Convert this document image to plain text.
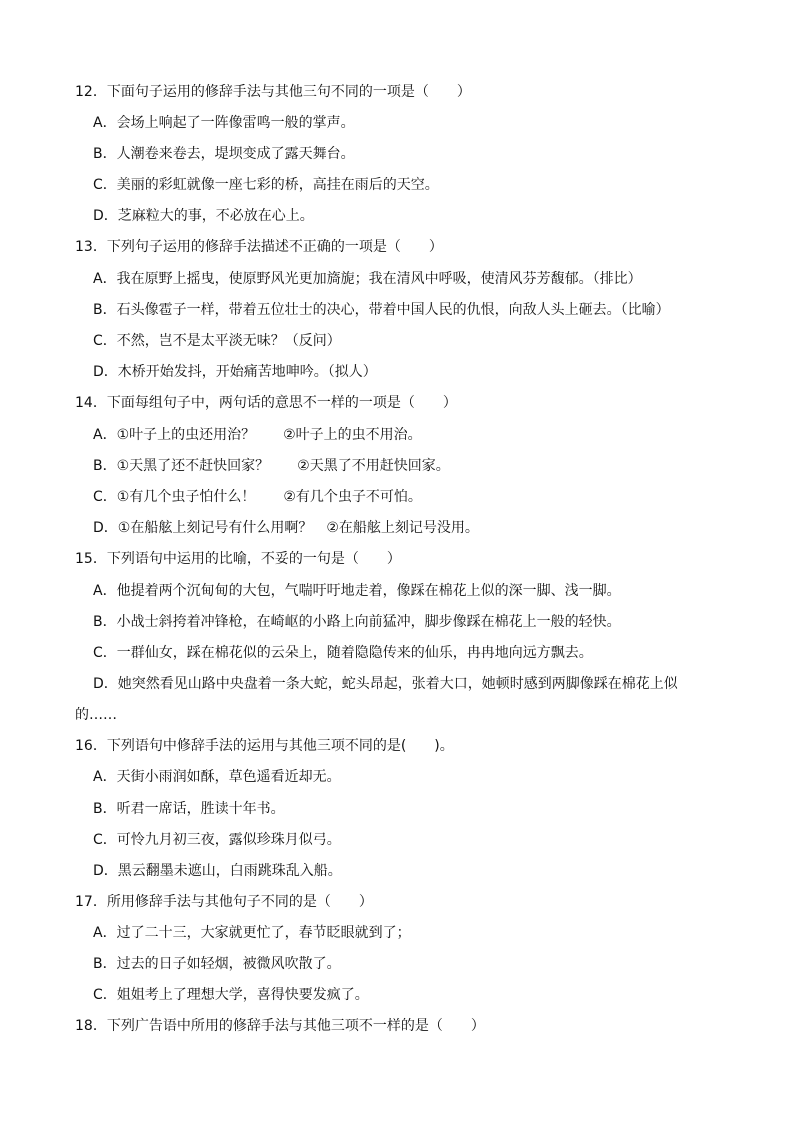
12．下面句子运用的修辞手法与其他三句不同的一项是（　　）
A．会场上响起了一阵像雷鸣一般的掌声。
B．人潮卷来卷去，堤坝变成了露天舞台。
C．美丽的彩虹就像一座七彩的桥，高挂在雨后的天空。
D．芝麻粒大的事，不必放在心上。
13．下列句子运用的修辞手法描述不正确的一项是（　　）
A．我在原野上摇曳，使原野风光更加旖旎；我在清风中呼吸，使清风芬芳馥郁。（排比）
B．石头像雹子一样，带着五位壮士的决心，带着中国人民的仇恨，向敌人头上砸去。（比喻）
C．不然，岂不是太平淡无味？（反问）
D．木桥开始发抖，开始痛苦地呻吟。（拟人）
14．下面每组句子中，两句话的意思不一样的一项是（　　）
A．①叶子上的虫还用治？　　②叶子上的虫不用治。
B．①天黑了还不赶快回家？　　②天黑了不用赶快回家。
C．①有几个虫子怕什么！　　②有几个虫子不可怕。
D．①在船舷上刻记号有什么用啊？　②在船舷上刻记号没用。
15．下列语句中运用的比喻，不妥的一句是（　　）
A．他提着两个沉甸甸的大包，气喘吁吁地走着，像踩在棉花上似的深一脚、浅一脚。
B．小战士斜挎着冲锋枪，在崎岖的小路上向前猛冲，脚步像踩在棉花上一般的轻快。
C．一群仙女，踩在棉花似的云朵上，随着隐隐传来的仙乐，冉冉地向远方飘去。
D．她突然看见山路中央盘着一条大蛇，蛇头昂起，张着大口，她顿时感到两脚像踩在棉花上似
的……
16．下列语句中修辞手法的运用与其他三项不同的是(　　)。
A．天街小雨润如酥，草色遥看近却无。
B．听君一席话，胜读十年书。
C．可怜九月初三夜，露似珍珠月似弓。
D．黑云翻墨未遮山，白雨跳珠乱入船。
17．所用修辞手法与其他句子不同的是（　　）
A．过了二十三，大家就更忙了，春节眨眼就到了；
B．过去的日子如轻烟，被微风吹散了。
C．姐姐考上了理想大学，喜得快要发疯了。
18．下列广告语中所用的修辞手法与其他三项不一样的是（　　）
